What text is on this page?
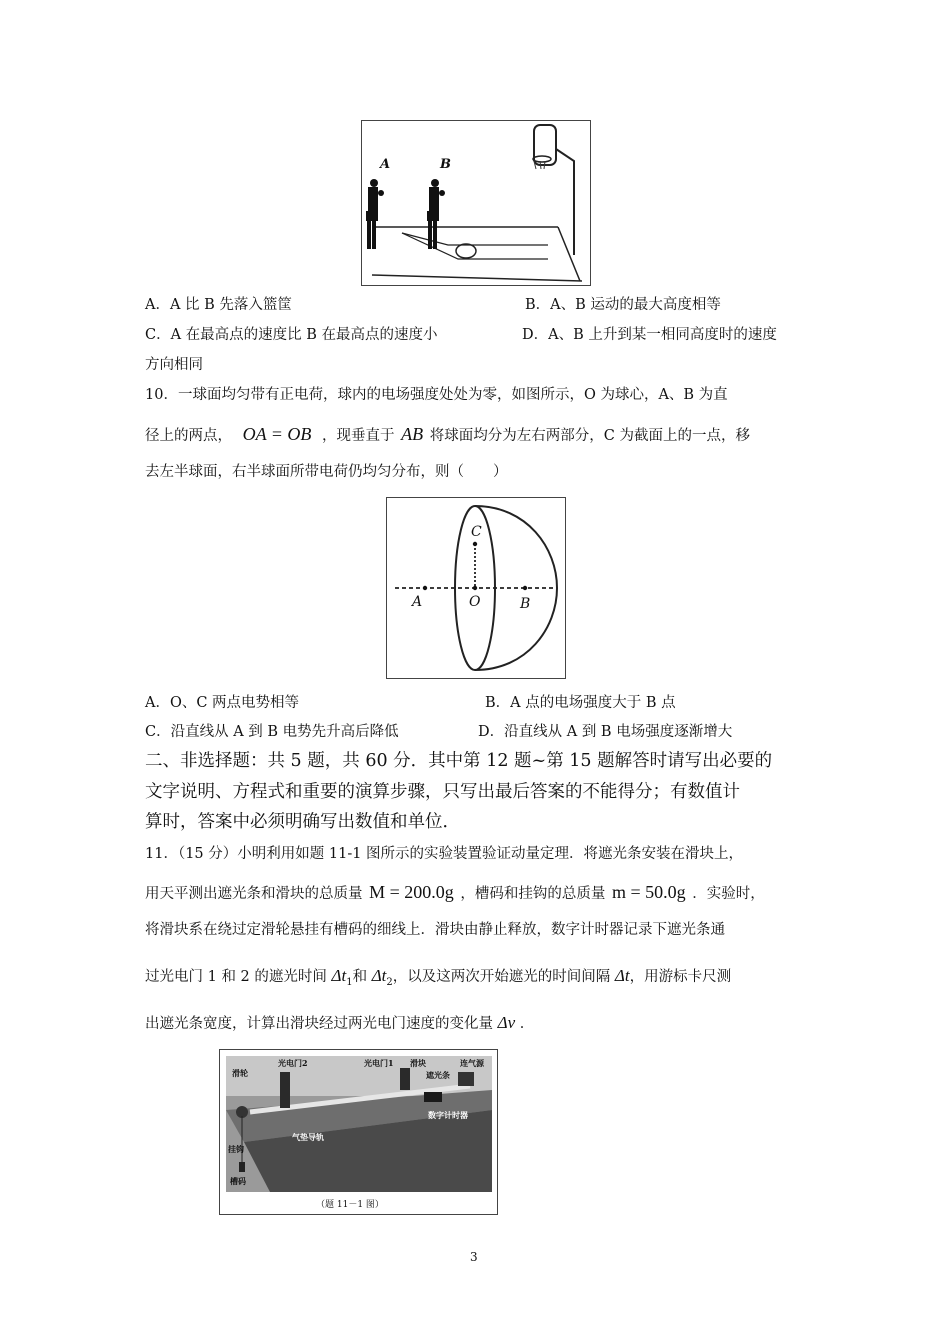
A	B
A．A 比 B 先落入篮筐	B．A、B 运动的最大高度相等
C．A 在最高点的速度比 B 在最高点的速度小	D．A、B 上升到某一相同高度时的速度
方向相同
10．一球面均匀带有正电荷，球内的电场强度处处为零，如图所示，O 为球心，A、B 为直
径上的两点， OA = OB ，现垂直于 AB 将球面均分为左右两部分，C 为截面上的一点，移
去左半球面，右半球面所带电荷仍均匀分布，则（　　）
C
A	O	B
A．O、C 两点电势相等	B．A 点的电场强度大于 B 点
C．沿直线从 A 到 B 电势先升高后降低	D．沿直线从 A 到 B 电场强度逐渐增大
二、非选择题：共 5 题，共 60 分．其中第 12 题~第 15 题解答时请写出必要的
文字说明、方程式和重要的演算步骤，只写出最后答案的不能得分；有数值计
算时，答案中必须明确写出数值和单位．
11．（15 分）小明利用如题 11-1 图所示的实验装置验证动量定理．将遮光条安装在滑块上，
用天平测出遮光条和滑块的总质量 M = 200.0g ，槽码和挂钩的总质量 m = 50.0g ．实验时，
将滑块系在绕过定滑轮悬挂有槽码的细线上．滑块由静止释放，数字计时器记录下遮光条通
过光电门 1 和 2 的遮光时间 $\Delta t_1$和 $\Delta t_2$，以及这两次开始遮光的时间间隔 Δt，用游标卡尺测
出遮光条宽度，计算出滑块经过两光电门速度的变化量 Δv ．
滑轮
光电门2	光电门1 滑块
遮光条
连气源
数字计时器
气垫导轨
挂钩
槽码
（题 11－1 图）
3
